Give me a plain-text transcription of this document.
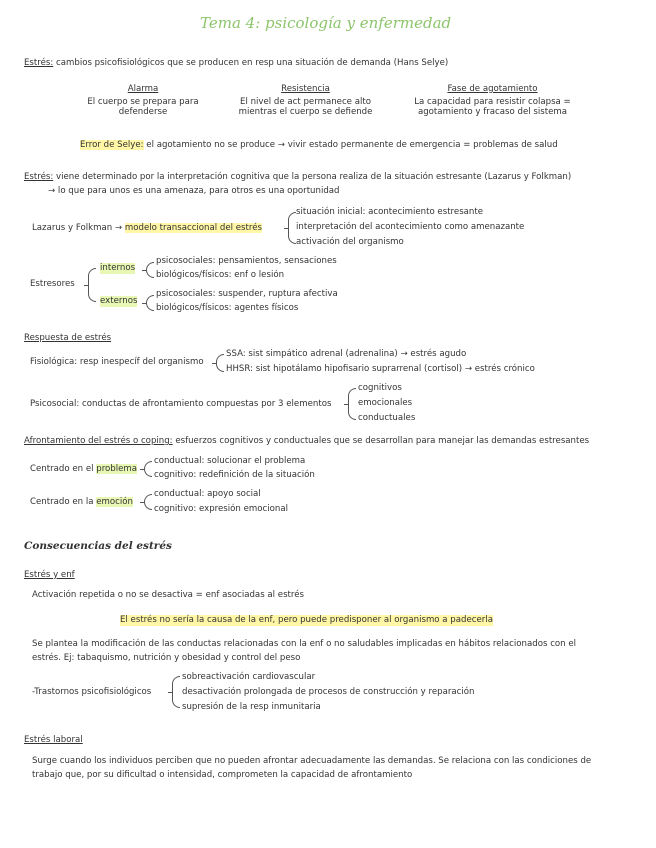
Tema 4: psicología y enfermedad
Estrés: cambios psicofisiológicos que se producen en resp una situación de demanda (Hans Selye)
Alarma
El cuerpo se prepara para
defenderse
Resistencia
El nivel de act permanece alto
mientras el cuerpo se defiende
Fase de agotamiento
La capacidad para resistir colapsa =
agotamiento y fracaso del sistema
Error de Selye: el agotamiento no se produce → vivir estado permanente de emergencia = problemas de salud
Estrés: viene determinado por la interpretación cognitiva que la persona realiza de la situación estresante (Lazarus y Folkman)
→ lo que para unos es una amenaza, para otros es una oportunidad
Lazarus y Folkman → modelo transaccional del estrés
situación inicial: acontecimiento estresante
interpretación del acontecimiento como amenazante
activación del organismo
Estresores
internos
psicosociales: pensamientos, sensaciones
biológicos/físicos: enf o lesión
externos
psicosociales: suspender, ruptura afectiva
biológicos/físicos: agentes físicos
Respuesta de estrés
Fisiológica: resp inespecíf del organismo
SSA: sist simpático adrenal (adrenalina) → estrés agudo
HHSR: sist hipotálamo hipofisario suprarrenal (cortisol) → estrés crónico
Psicosocial: conductas de afrontamiento compuestas por 3 elementos
cognitivos
emocionales
conductuales
Afrontamiento del estrés o coping: esfuerzos cognitivos y conductuales que se desarrollan para manejar las demandas estresantes
Centrado en el problema
conductual: solucionar el problema
cognitivo: redefinición de la situación
Centrado en la emoción
conductual: apoyo social
cognitivo: expresión emocional
Consecuencias del estrés
Estrés y enf
Activación repetida o no se desactiva = enf asociadas al estrés
El estrés no sería la causa de la enf, pero puede predisponer al organismo a padecerla
Se plantea la modificación de las conductas relacionadas con la enf o no saludables implicadas en hábitos relacionados con el
estrés. Ej: tabaquismo, nutrición y obesidad y control del peso
-Trastornos psicofisiológicos
sobreactivación cardiovascular
desactivación prolongada de procesos de construcción y reparación
supresión de la resp inmunitaria
Estrés laboral
Surge cuando los individuos perciben que no pueden afrontar adecuadamente las demandas. Se relaciona con las condiciones de
trabajo que, por su dificultad o intensidad, comprometen la capacidad de afrontamiento
